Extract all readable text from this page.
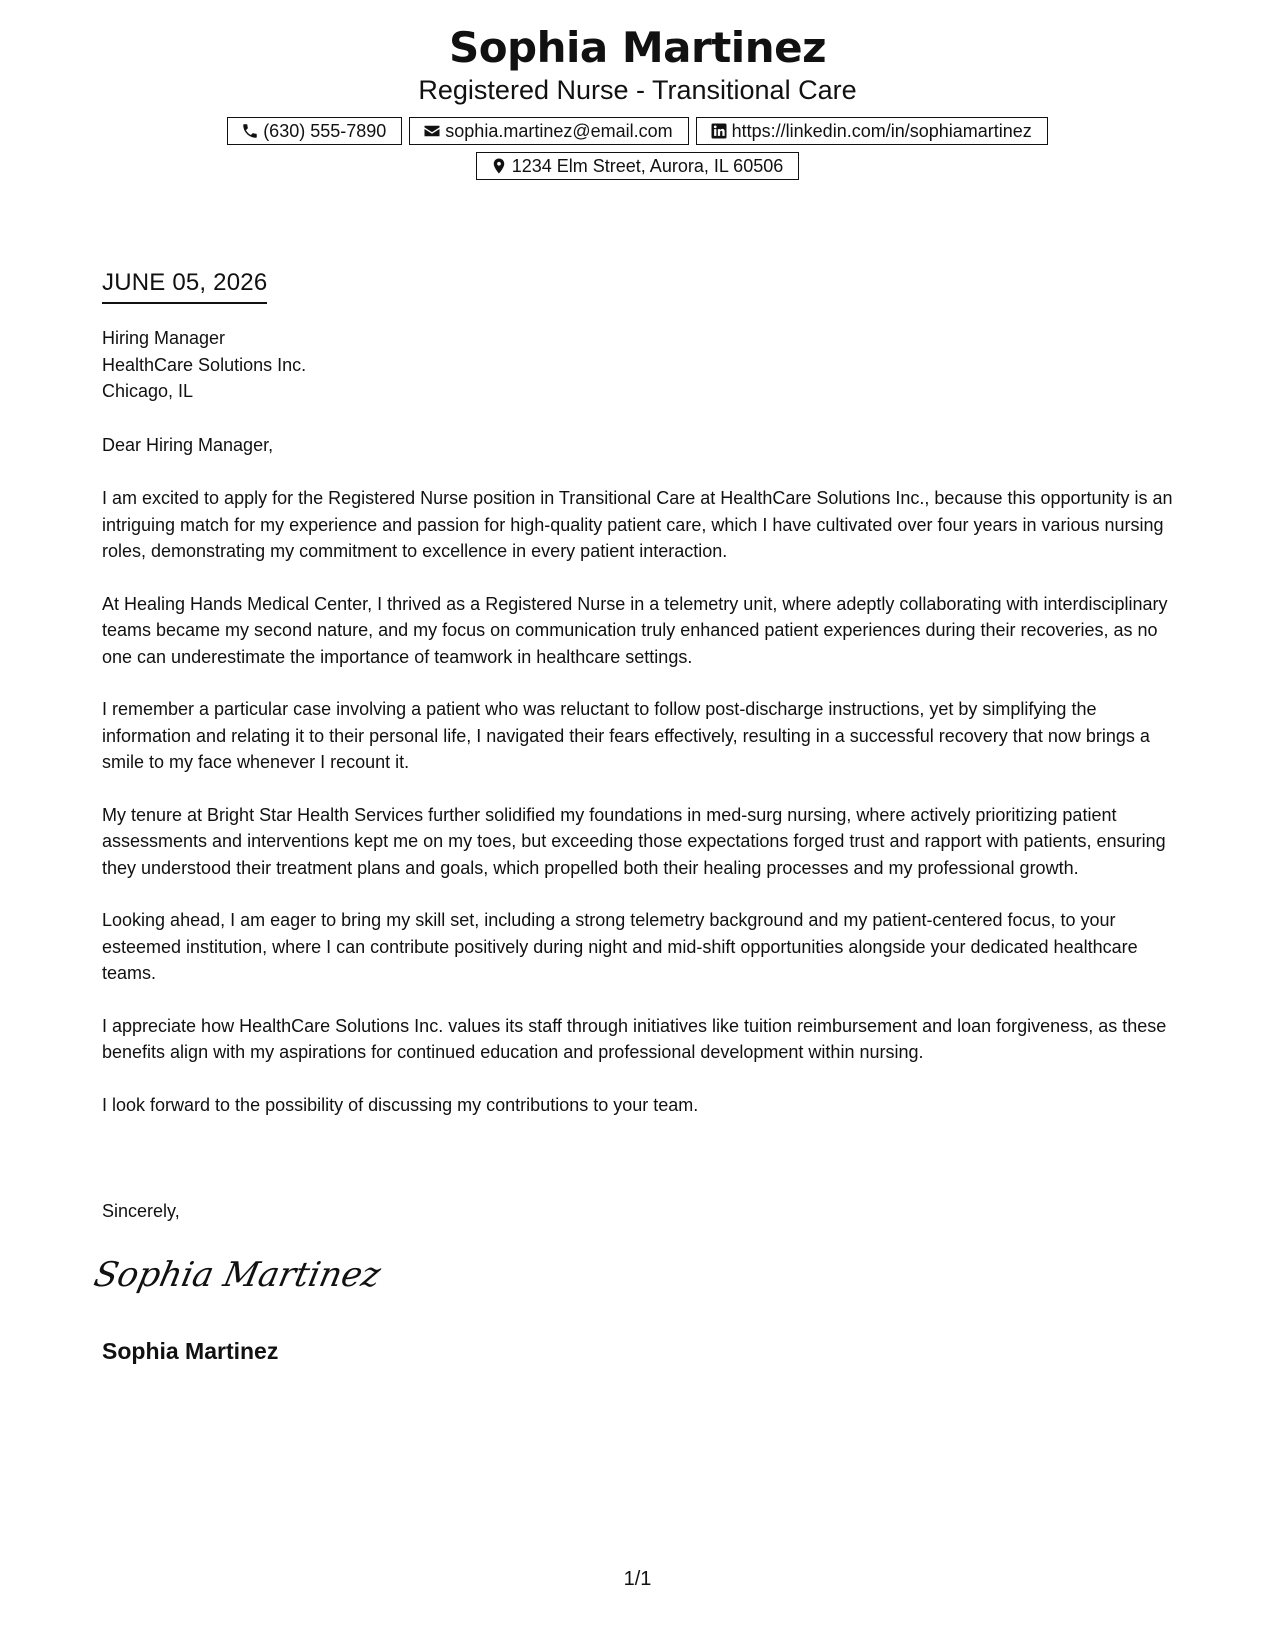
Sophia Martinez
Registered Nurse - Transitional Care
(630) 555-7890	sophia.martinez@email.com	https://linkedin.com/in/sophiamartinez
1234 Elm Street, Aurora, IL 60506
JUNE 05, 2026
Hiring Manager
HealthCare Solutions Inc.
Chicago, IL
Dear Hiring Manager,

I am excited to apply for the Registered Nurse position in Transitional Care at HealthCare Solutions Inc., because this opportunity is an intriguing match for my experience and passion for high-quality patient care, which I have cultivated over four years in various nursing roles, demonstrating my commitment to excellence in every patient interaction.

At Healing Hands Medical Center, I thrived as a Registered Nurse in a telemetry unit, where adeptly collaborating with interdisciplinary teams became my second nature, and my focus on communication truly enhanced patient experiences during their recoveries, as no one can underestimate the importance of teamwork in healthcare settings.

I remember a particular case involving a patient who was reluctant to follow post-discharge instructions, yet by simplifying the information and relating it to their personal life, I navigated their fears effectively, resulting in a successful recovery that now brings a smile to my face whenever I recount it.

My tenure at Bright Star Health Services further solidified my foundations in med-surg nursing, where actively prioritizing patient assessments and interventions kept me on my toes, but exceeding those expectations forged trust and rapport with patients, ensuring they understood their treatment plans and goals, which propelled both their healing processes and my professional growth.

Looking ahead, I am eager to bring my skill set, including a strong telemetry background and my patient-centered focus, to your esteemed institution, where I can contribute positively during night and mid-shift opportunities alongside your dedicated healthcare teams.

I appreciate how HealthCare Solutions Inc. values its staff through initiatives like tuition reimbursement and loan forgiveness, as these benefits align with my aspirations for continued education and professional development within nursing.

I look forward to the possibility of discussing my contributions to your team.

Sincerely,
Sophia Martinez
Sophia Martinez
1/1
